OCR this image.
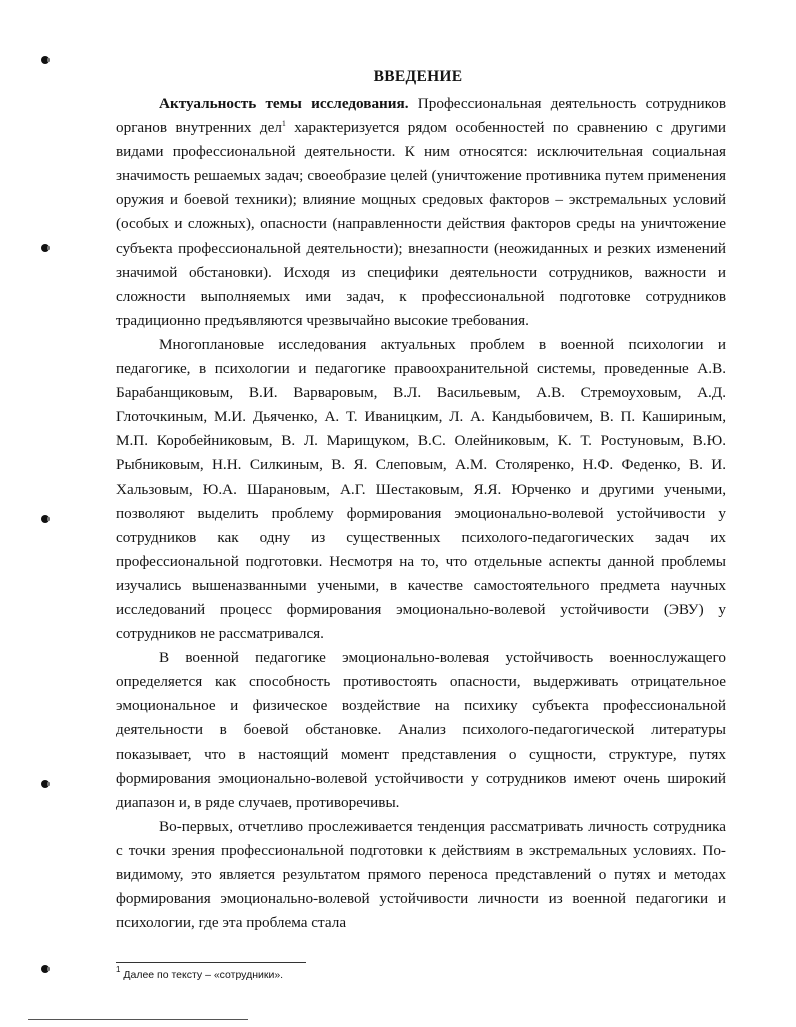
ВВЕДЕНИЕ

Актуальность темы исследования. Профессиональная деятельность сотрудников органов внутренних дел$^1$ характеризуется рядом особенностей по сравнению с другими видами профессиональной деятельности. К ним относятся: исключительная социальная значимость решаемых задач; своеобразие целей (уничтожение противника путем применения оружия и боевой техники); влияние мощных средовых факторов – экстремальных условий (особых и сложных), опасности (направленности действия факторов среды на уничтожение субъекта профессиональной деятельности); внезапности (неожиданных и резких изменений значимой обстановки). Исходя из специфики деятельности сотрудников, важности и сложности выполняемых ими задач, к профессиональной подготовке сотрудников традиционно предъявляются чрезвычайно высокие требования.

Многоплановые исследования актуальных проблем в военной психологии и педагогике, в психологии и педагогике правоохранительной системы, проведенные А.В. Барабанщиковым, В.И. Варваровым, В.Л. Васильевым, А.В. Стремоуховым, А.Д. Глоточкиным, М.И. Дьяченко, А. Т. Иваницким, Л. А. Кандыбовичем, В. П. Кашириным, М.П. Коробейниковым, В. Л. Марищуком, В.С. Олейниковым, К. Т. Ростуновым, В.Ю. Рыбниковым, Н.Н. Силкиным, В. Я. Слеповым, А.М. Столяренко, Н.Ф. Феденко, В. И. Хальзовым, Ю.А. Шарановым, А.Г. Шестаковым, Я.Я. Юрченко и другими учеными, позволяют выделить проблему формирования эмоционально-волевой устойчивости у сотрудников как одну из существенных психолого-педагогических задач их профессиональной подготовки. Несмотря на то, что отдельные аспекты данной проблемы изучались вышеназванными учеными, в качестве самостоятельного предмета научных исследований процесс формирования эмоционально-волевой устойчивости (ЭВУ) у сотрудников не рассматривался.

В военной педагогике эмоционально-волевая устойчивость военнослужащего определяется как способность противостоять опасности, выдерживать отрицательное эмоциональное и физическое воздействие на психику субъекта профессиональной деятельности в боевой обстановке. Анализ психолого-педагогической литературы показывает, что в настоящий момент представления о сущности, структуре, путях формирования эмоционально-волевой устойчивости у сотрудников имеют очень широкий диапазон и, в ряде случаев, противоречивы.

Во-первых, отчетливо прослеживается тенденция рассматривать личность сотрудника с точки зрения профессиональной подготовки к действиям в экстремальных условиях. По-видимому, это является результатом прямого переноса представлений о путях и методах формирования эмоционально-волевой устойчивости личности из военной педагогики и психологии, где эта проблема стала

$^1$ Далее по тексту – «сотрудники».
